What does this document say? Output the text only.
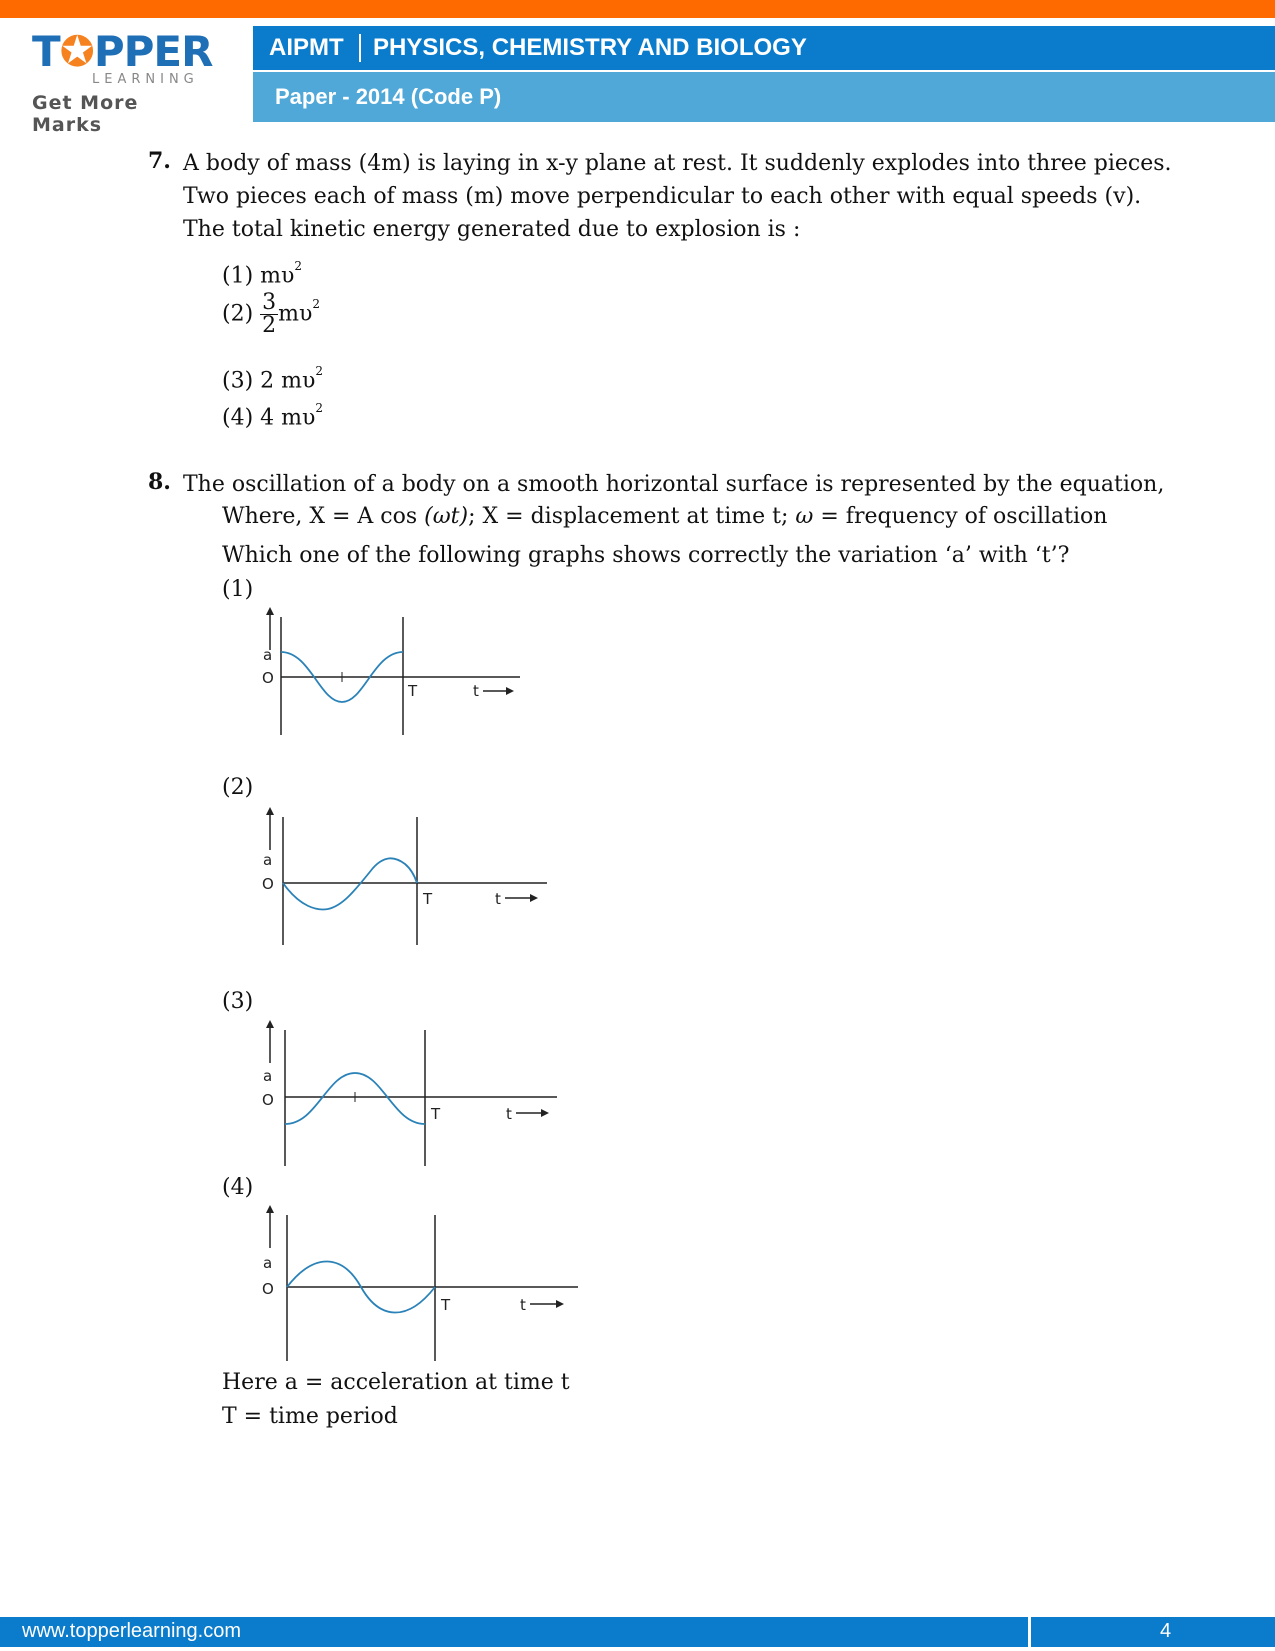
T✪PPER
LEARNING
Get More Marks
AIPMT PHYSICS, CHEMISTRY AND BIOLOGY
Paper - 2014 (Code P)
7. A body of mass (4m) is laying in x-y plane at rest. It suddenly explodes into three pieces.
Two pieces each of mass (m) move perpendicular to each other with equal speeds (v).
The total kinetic energy generated due to explosion is :
(1) $m\upsilon^2$
$(2) \frac{3}{2} m\upsilon^2$
(3) 2 $m\upsilon^2$
(4) 4 $m\upsilon^2$
8. The oscillation of a body on a smooth horizontal surface is represented by the equation,
Where, X = A cos (ωt); X = displacement at time t; ω = frequency of oscillation
Which one of the following graphs shows correctly the variation ‘a’ with ‘t’?
(1)
(2)
(3)
(4)
a
O
T	t
a
O
T	t
a
O
T	t
a
O
T	t
Here a = acceleration at time t
T = time period
www.topperlearning.com	4
